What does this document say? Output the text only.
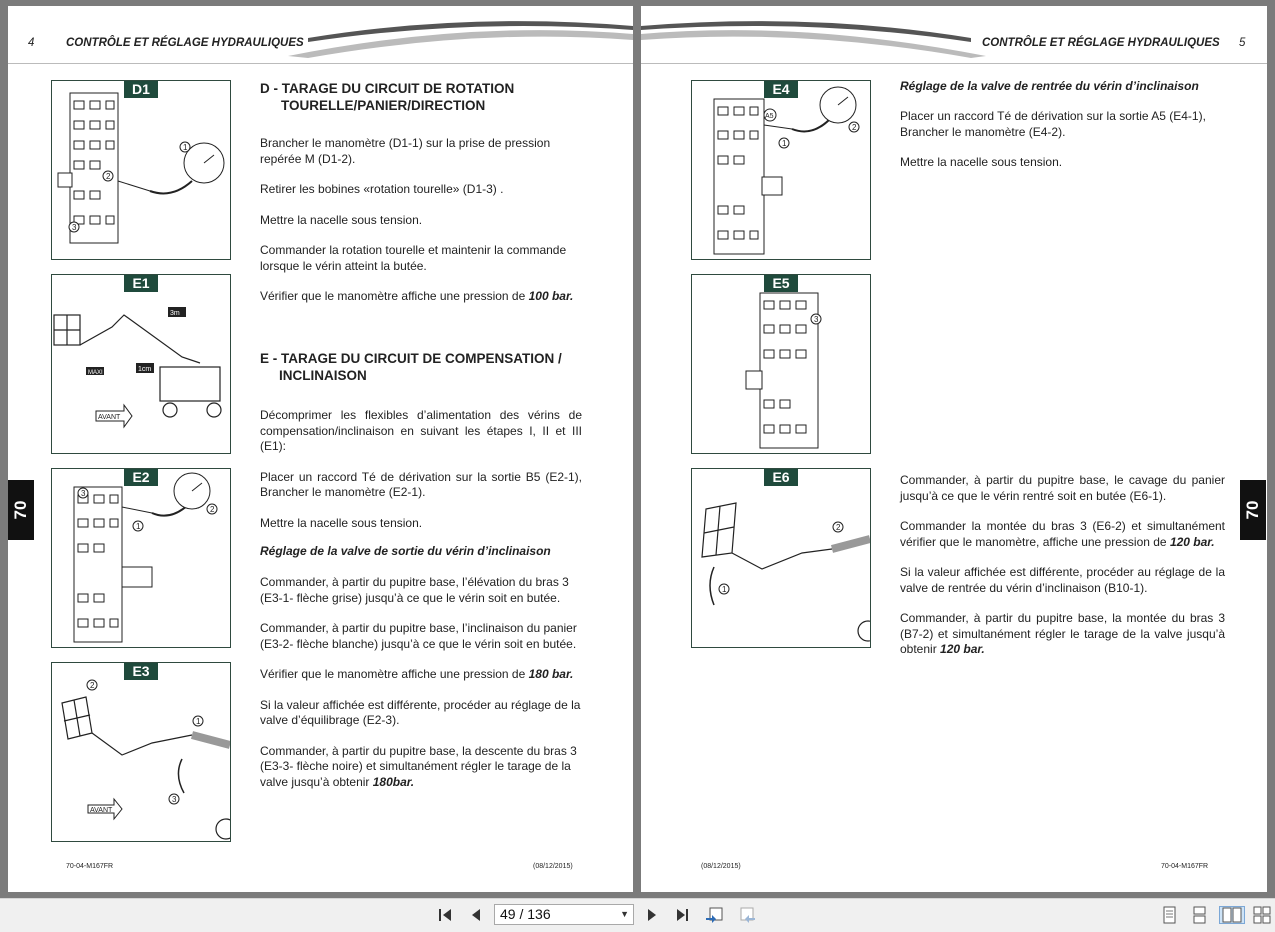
4	CONTRÔLE ET RÉGLAGE HYDRAULIQUES
1
2
3
D1
3m
1cm
MAXI
AVANT
E1
1
2
3
E2
2
1
3
AVANT
E3
D - TARAGE DU CIRCUIT DE ROTATION
TOURELLE/PANIER/DIRECTION

Brancher le manomètre (D1-1) sur la prise de pression repérée M (D1-2).

Retirer les bobines «rotation tourelle» (D1-3) .

Mettre la nacelle sous tension.

Commander la rotation tourelle et maintenir la commande lorsque le vérin atteint la butée.

Vérifier que le manomètre affiche une pression de 100 bar.

E - TARAGE DU CIRCUIT DE COMPENSATION /
INCLINAISON

Décomprimer les flexibles d’alimentation des vérins de compensation/inclinaison en suivant les étapes I, II et III (E1):

Placer un raccord Té de dérivation sur la sortie B5 (E2-1), Brancher le manomètre (E2-1).

Mettre la nacelle sous tension.

Réglage de la valve de sortie du vérin d’inclinaison

Commander, à partir du pupitre base, l’élévation du bras 3 (E3-1- flèche grise) jusqu’à ce que le vérin soit en butée.

Commander, à partir du pupitre base, l’inclinaison du panier (E3-2- flèche blanche) jusqu’à ce que le vérin soit en butée.

Vérifier que le manomètre affiche une pression de 180 bar.

Si la valeur affichée est différente, procéder au réglage de la valve d’équilibrage (E2-3).

Commander, à partir du pupitre base, la descente du bras 3 (E3-3- flèche noire) et simultanément régler le tarage de la valve jusqu’à obtenir 180bar.

70-04-M167FR	(08/12/2015)
70
CONTRÔLE ET RÉGLAGE HYDRAULIQUES 5
A5
1
2
E4
3
E5
2
1
E6
Réglage de la valve de rentrée du vérin d’inclinaison

Placer un raccord Té de dérivation sur la sortie A5 (E4-1), Brancher le manomètre (E4-2).

Mettre la nacelle sous tension.

Commander, à partir du pupitre base, le cavage du panier jusqu’à ce que le vérin rentré soit en butée (E6-1).

Commander la montée du bras 3 (E6-2) et simultanément vérifier que le manomètre, affiche une pression de 120 bar.

Si la valeur affichée est différente, procéder au réglage de la valve de rentrée du vérin d’inclinaison (B10-1).

Commander, à partir du pupitre base, la montée du bras 3 (B7-2) et simultanément régler le tarage de la valve jusqu’à obtenir 120 bar.

(08/12/2015)	70-04-M167FR
70
49 / 136	▼
